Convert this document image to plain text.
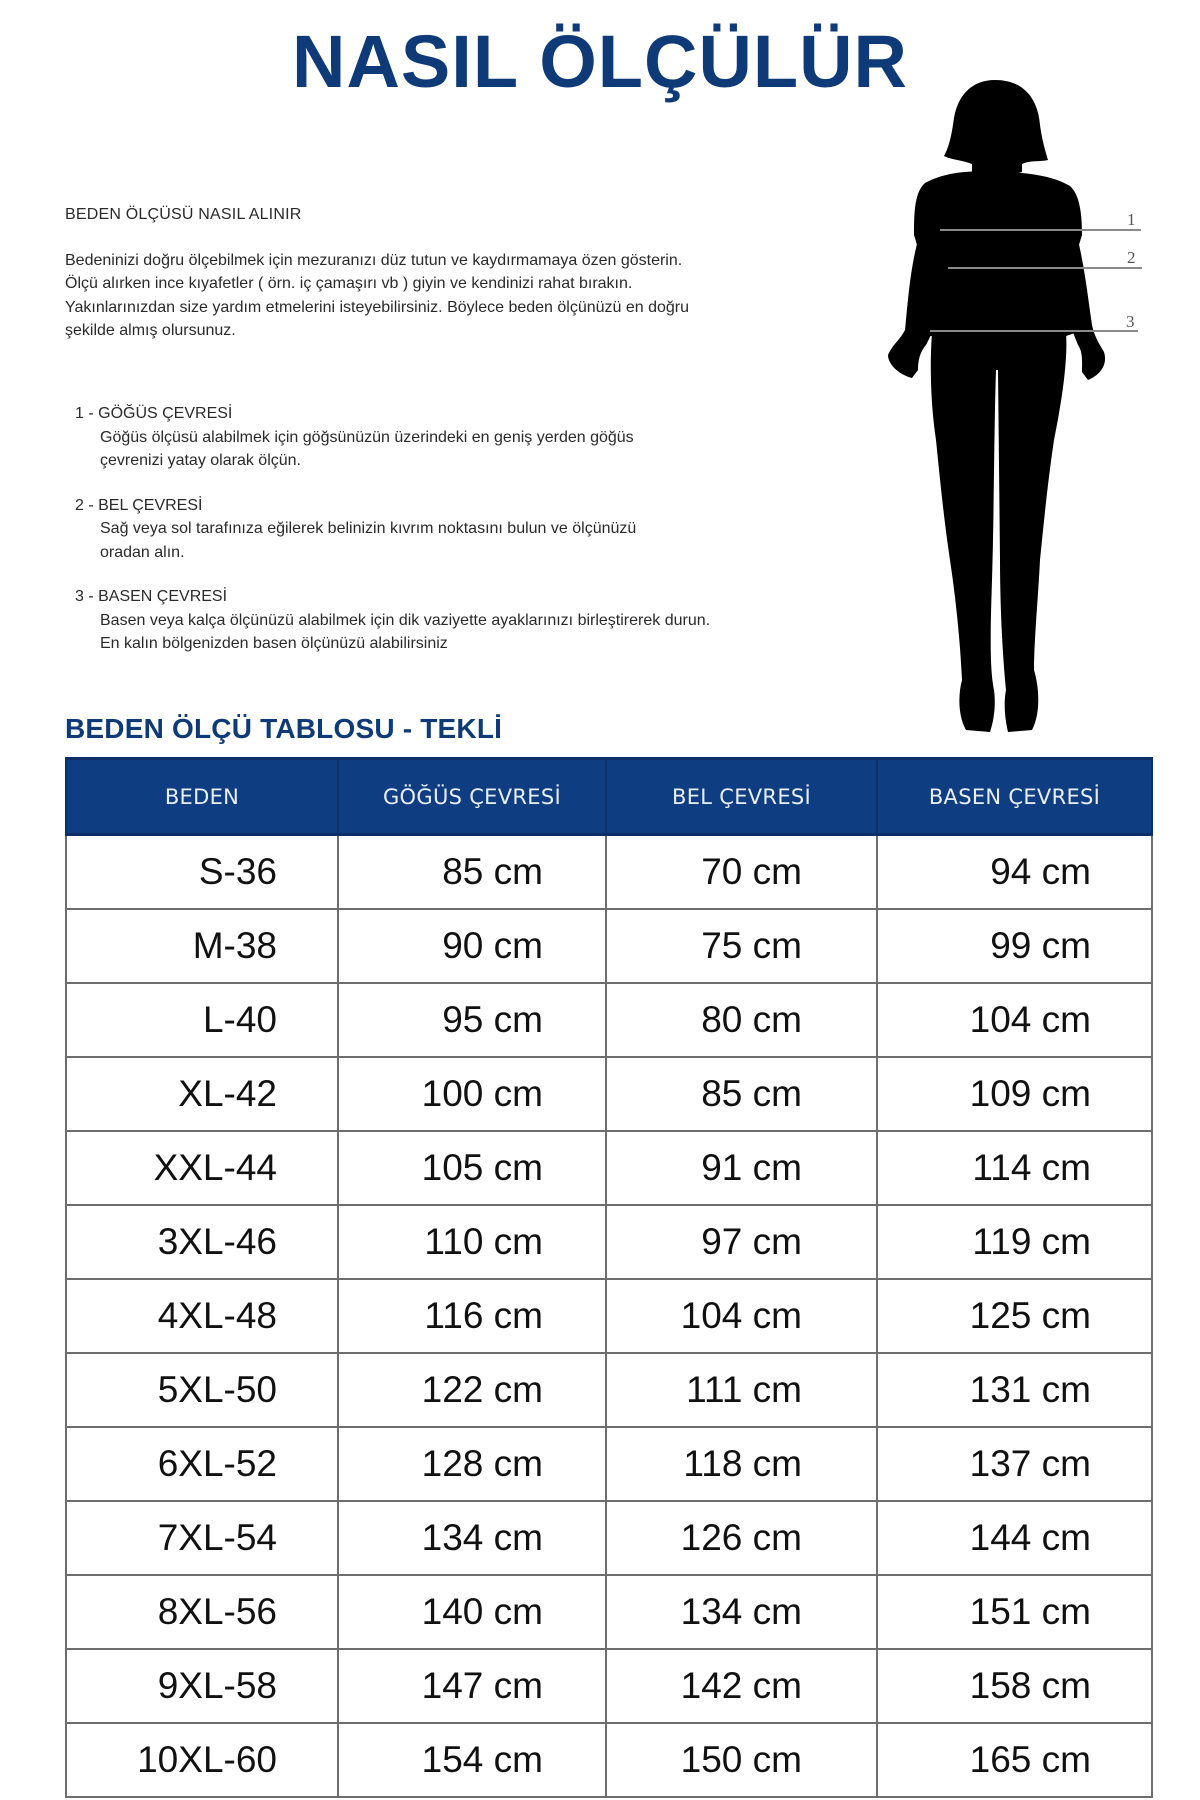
NASIL ÖLÇÜLÜR
BEDEN ÖLÇÜSÜ NASIL ALINIR
Bedeninizi doğru ölçebilmek için mezuranızı düz tutun ve kaydırmamaya özen gösterin.
Ölçü alırken ince kıyafetler ( örn. iç çamaşırı vb ) giyin ve kendinizi rahat bırakın.
Yakınlarınızdan size yardım etmelerini isteyebilirsiniz. Böylece beden ölçünüzü en doğru
şekilde almış olursunuz.
1 - GÖĞÜS ÇEVRESİ
Göğüs ölçüsü alabilmek için göğsünüzün üzerindeki en geniş yerden göğüs
çevrenizi yatay olarak ölçün.
2 - BEL ÇEVRESİ
Sağ veya sol tarafınıza eğilerek belinizin kıvrım noktasını bulun ve ölçünüzü
oradan alın.
3 - BASEN ÇEVRESİ
Basen veya kalça ölçünüzü alabilmek için dik vaziyette ayaklarınızı birleştirerek durun.
En kalın bölgenizden basen ölçünüzü alabilirsiniz
1
2
3
BEDEN ÖLÇÜ TABLOSU - TEKLİ
BEDEN	GÖĞÜS ÇEVRESİ	BEL ÇEVRESİ	BASEN ÇEVRESİ
S-36	85 cm	70 cm	94 cm
M-38	90 cm	75 cm	99 cm
L-40	95 cm	80 cm	104 cm
XL-42	100 cm	85 cm	109 cm
XXL-44	105 cm	91 cm	114 cm
3XL-46	110 cm	97 cm	119 cm
4XL-48	116 cm	104 cm	125 cm
5XL-50	122 cm	111 cm	131 cm
6XL-52	128 cm	118 cm	137 cm
7XL-54	134 cm	126 cm	144 cm
8XL-56	140 cm	134 cm	151 cm
9XL-58	147 cm	142 cm	158 cm
10XL-60	154 cm	150 cm	165 cm
